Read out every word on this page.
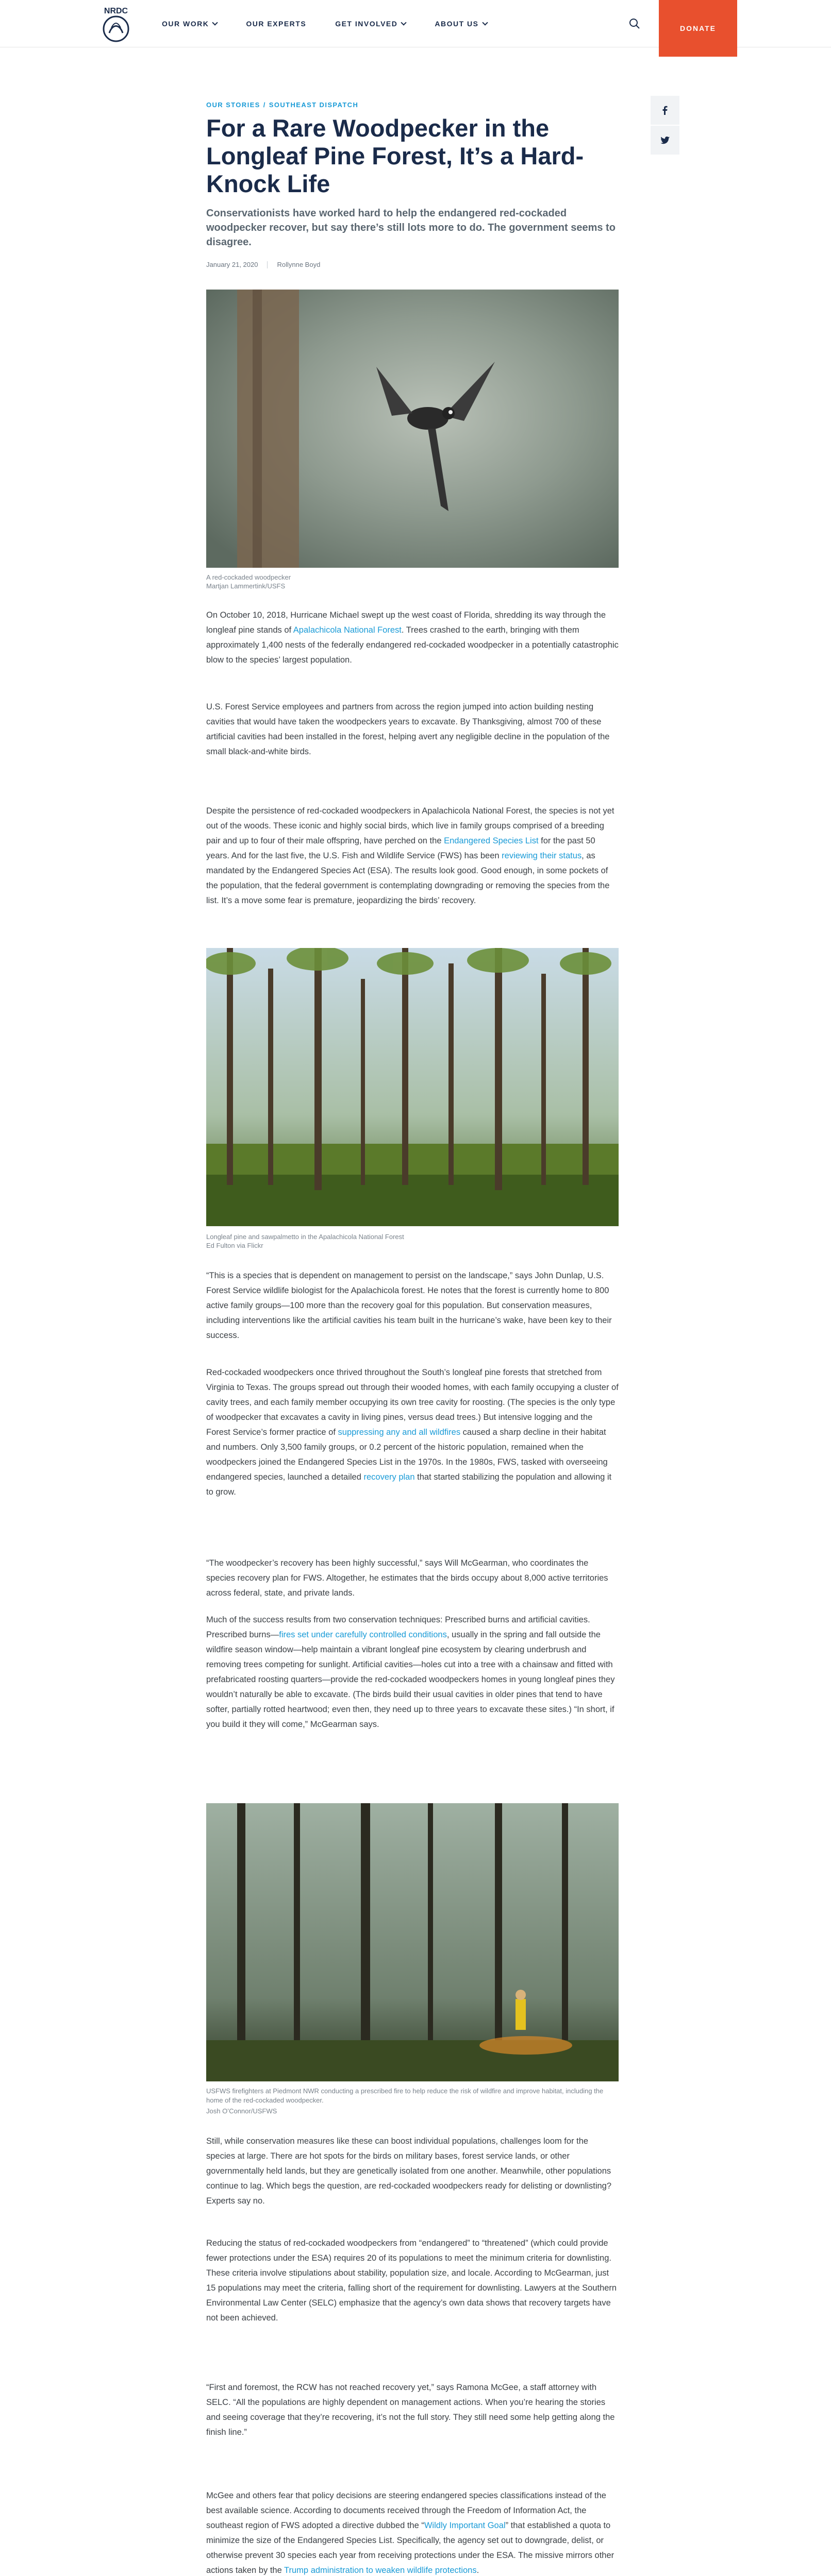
NRDC
OUR WORK	OUR EXPERTS	GET INVOLVED	ABOUT US
DONATE
OUR STORIES / SOUTHEAST DISPATCH
For a Rare Woodpecker in the Longleaf Pine Forest, It’s a Hard-Knock Life

Conservationists have worked hard to help the endangered red-cockaded woodpecker recover, but say there’s still lots more to do. The government seems to disagree.

January 21, 2020	Rollynne Boyd
A red-cockaded woodpecker
Martjan Lammertink/USFS

On October 10, 2018, Hurricane Michael swept up the west coast of Florida, shredding its way through the longleaf pine stands of Apalachicola National Forest. Trees crashed to the earth, bringing with them approximately 1,400 nests of the federally endangered red-cockaded woodpecker in a potentially catastrophic blow to the species’ largest population.

U.S. Forest Service employees and partners from across the region jumped into action building nesting cavities that would have taken the woodpeckers years to excavate. By Thanksgiving, almost 700 of these artificial cavities had been installed in the forest, helping avert any negligible decline in the population of the small black-and-white birds.

Despite the persistence of red-cockaded woodpeckers in Apalachicola National Forest, the species is not yet out of the woods. These iconic and highly social birds, which live in family groups comprised of a breeding pair and up to four of their male offspring, have perched on the Endangered Species List for the past 50 years. And for the last five, the U.S. Fish and Wildlife Service (FWS) has been reviewing their status, as mandated by the Endangered Species Act (ESA). The results look good. Good enough, in some pockets of the population, that the federal government is contemplating downgrading or removing the species from the list. It’s a move some fear is premature, jeopardizing the birds’ recovery.

Longleaf pine and sawpalmetto in the Apalachicola National Forest
Ed Fulton via Flickr

“This is a species that is dependent on management to persist on the landscape,” says John Dunlap, U.S. Forest Service wildlife biologist for the Apalachicola forest. He notes that the forest is currently home to 800 active family groups—100 more than the recovery goal for this population. But conservation measures, including interventions like the artificial cavities his team built in the hurricane’s wake, have been key to their success.

Red-cockaded woodpeckers once thrived throughout the South’s longleaf pine forests that stretched from Virginia to Texas. The groups spread out through their wooded homes, with each family occupying a cluster of cavity trees, and each family member occupying its own tree cavity for roosting. (The species is the only type of woodpecker that excavates a cavity in living pines, versus dead trees.) But intensive logging and the Forest Service’s former practice of suppressing any and all wildfires caused a sharp decline in their habitat and numbers. Only 3,500 family groups, or 0.2 percent of the historic population, remained when the woodpeckers joined the Endangered Species List in the 1970s. In the 1980s, FWS, tasked with overseeing endangered species, launched a detailed recovery plan that started stabilizing the population and allowing it to grow.

“The woodpecker’s recovery has been highly successful,” says Will McGearman, who coordinates the species recovery plan for FWS. Altogether, he estimates that the birds occupy about 8,000 active territories across federal, state, and private lands.

Much of the success results from two conservation techniques: Prescribed burns and artificial cavities. Prescribed burns—fires set under carefully controlled conditions, usually in the spring and fall outside the wildfire season window—help maintain a vibrant longleaf pine ecosystem by clearing underbrush and removing trees competing for sunlight. Artificial cavities—holes cut into a tree with a chainsaw and fitted with prefabricated roosting quarters—provide the red-cockaded woodpeckers homes in young longleaf pines they wouldn’t naturally be able to excavate. (The birds build their usual cavities in older pines that tend to have softer, partially rotted heartwood; even then, they need up to three years to excavate these sites.) “In short, if you build it they will come,” McGearman says.

USFWS firefighters at Piedmont NWR conducting a prescribed fire to help reduce the risk of wildfire and improve habitat, including the home of the red-cockaded woodpecker.
Josh O’Connor/USFWS

Still, while conservation measures like these can boost individual populations, challenges loom for the species at large. There are hot spots for the birds on military bases, forest service lands, or other governmentally held lands, but they are genetically isolated from one another. Meanwhile, other populations continue to lag. Which begs the question, are red-cockaded woodpeckers ready for delisting or downlisting? Experts say no.

Reducing the status of red-cockaded woodpeckers from “endangered” to “threatened” (which could provide fewer protections under the ESA) requires 20 of its populations to meet the minimum criteria for downlisting. These criteria involve stipulations about stability, population size, and locale. According to McGearman, just 15 populations may meet the criteria, falling short of the requirement for downlisting. Lawyers at the Southern Environmental Law Center (SELC) emphasize that the agency’s own data shows that recovery targets have not been achieved.

“First and foremost, the RCW has not reached recovery yet,” says Ramona McGee, a staff attorney with SELC. “All the populations are highly dependent on management actions. When you’re hearing the stories and seeing coverage that they’re recovering, it’s not the full story. They still need some help getting along the finish line.”

McGee and others fear that policy decisions are steering endangered species classifications instead of the best available science. According to documents received through the Freedom of Information Act, the southeast region of FWS adopted a directive dubbed the “Wildly Important Goal” that established a quota to minimize the size of the Endangered Species List. Specifically, the agency set out to downgrade, delist, or otherwise prevent 30 species each year from receiving protections under the ESA. The missive mirrors other actions taken by the Trump administration to weaken wildlife protections.
